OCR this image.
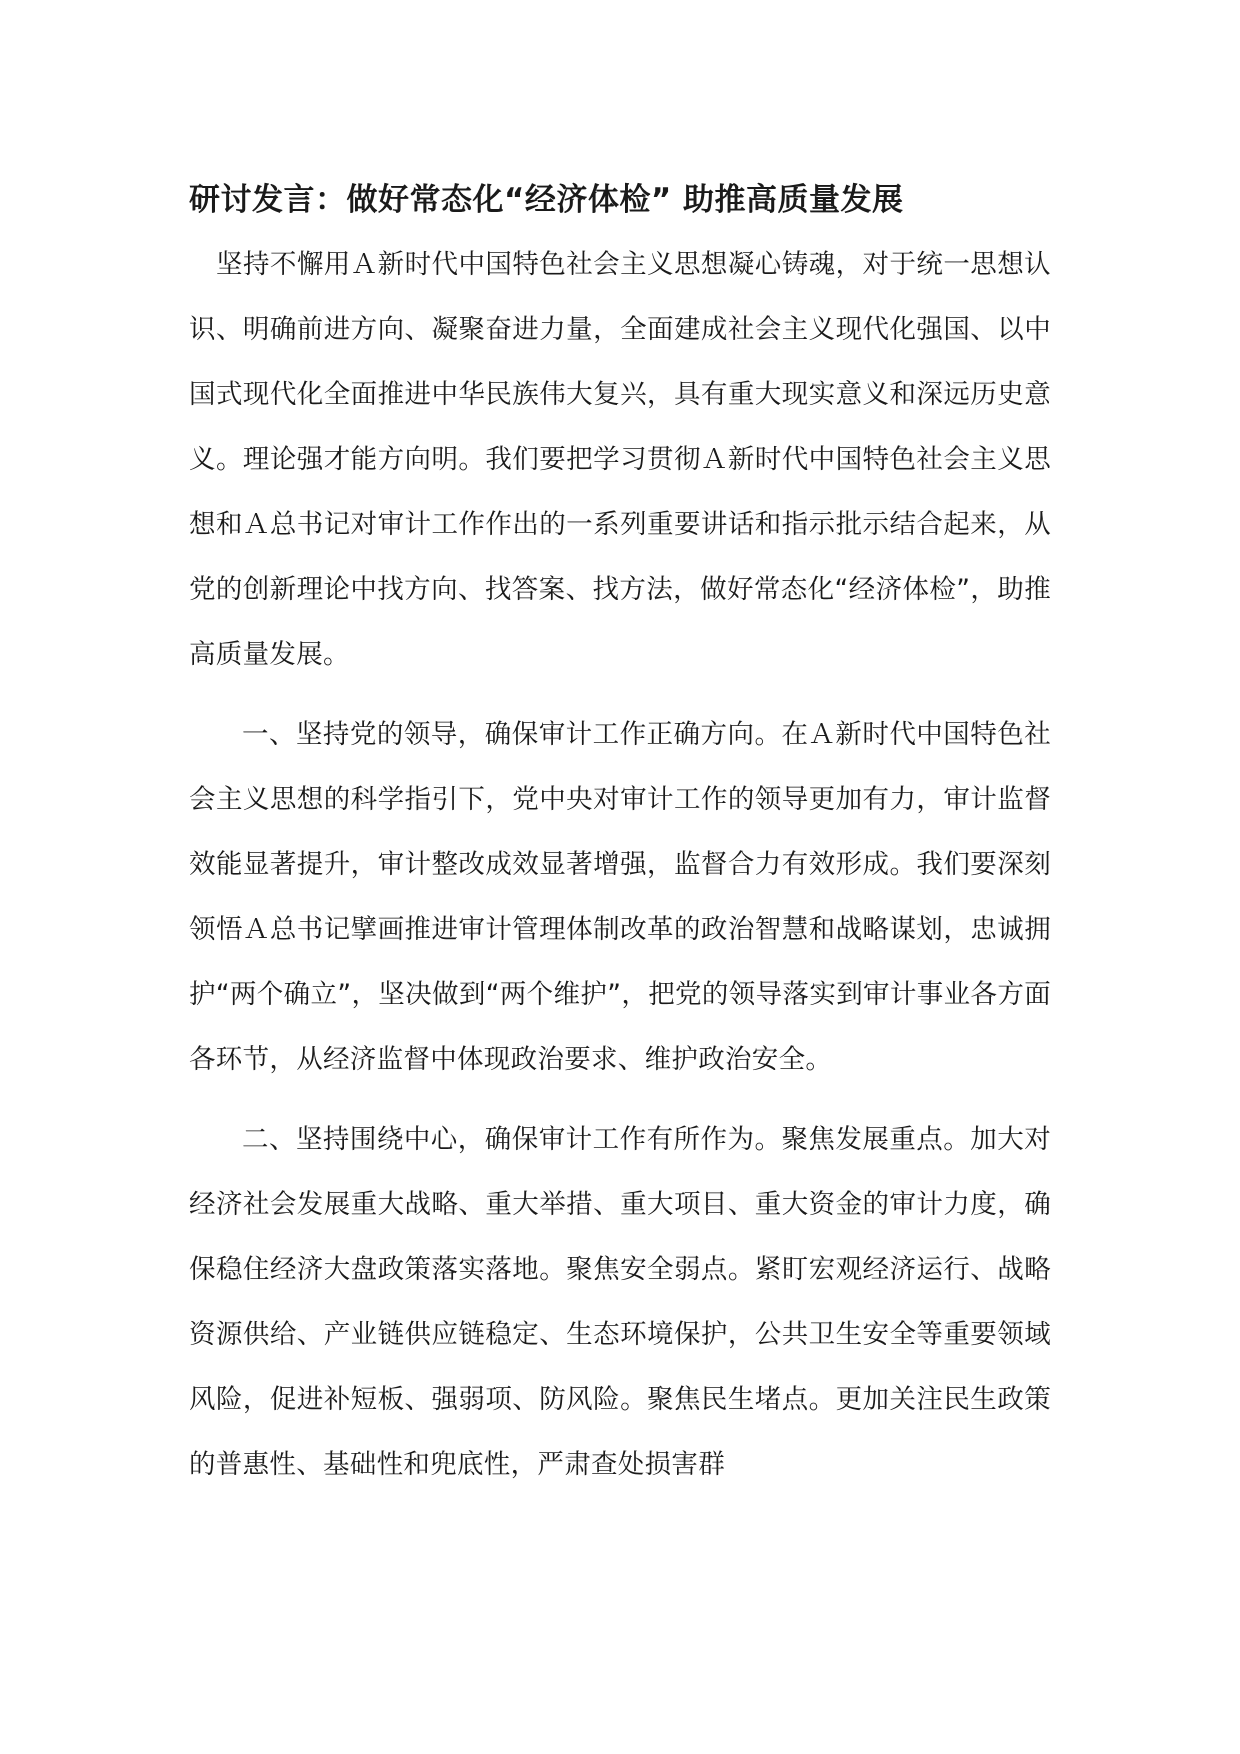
研讨发言：做好常态化“经济体检” 助推高质量发展

坚持不懈用Ａ新时代中国特色社会主义思想凝心铸魂，对于统一思想认识、明确前进方向、凝聚奋进力量，全面建成社会主义现代化强国、以中国式现代化全面推进中华民族伟大复兴，具有重大现实意义和深远历史意义。理论强才能方向明。我们要把学习贯彻Ａ新时代中国特色社会主义思想和Ａ总书记对审计工作作出的一系列重要讲话和指示批示结合起来，从党的创新理论中找方向、找答案、找方法，做好常态化“经济体检”，助推高质量发展。

一、坚持党的领导，确保审计工作正确方向。在Ａ新时代中国特色社会主义思想的科学指引下，党中央对审计工作的领导更加有力，审计监督效能显著提升，审计整改成效显著增强，监督合力有效形成。我们要深刻领悟Ａ总书记擘画推进审计管理体制改革的政治智慧和战略谋划，忠诚拥护“两个确立”，坚决做到“两个维护”，把党的领导落实到审计事业各方面各环节，从经济监督中体现政治要求、维护政治安全。

二、坚持围绕中心，确保审计工作有所作为。聚焦发展重点。加大对经济社会发展重大战略、重大举措、重大项目、重大资金的审计力度，确保稳住经济大盘政策落实落地。聚焦安全弱点。紧盯宏观经济运行、战略资源供给、产业链供应链稳定、生态环境保护，公共卫生安全等重要领域风险，促进补短板、强弱项、防风险。聚焦民生堵点。更加关注民生政策的普惠性、基础性和兜底性，严肃查处损害群
